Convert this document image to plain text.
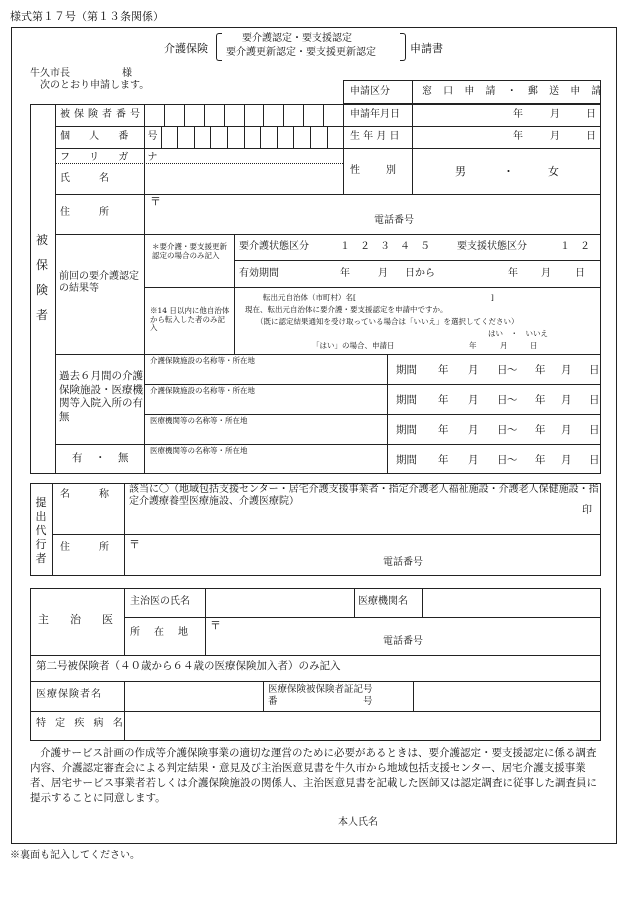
様式第１７号（第１３条関係）
介護保険
要介護認定・要支援認定
要介護更新認定・要支援更新認定	申請書
牛久市長	様
次のとおり申請します。
申請区分	窓 口 申 請 ・ 郵 送 申 請
被保険者
被保険者番号	申請年月日	年	月	日
個 人 番 号	生 年 月 日	年	月	日
フ リ ガ ナ
氏　　名
性　　別	男	・	女
住　　所
〒
電話番号
前回の要介護認定の結果等
＊要介護・要支援更新認定の場合のみ記入
要介護状態区分	１　２　３　４　５	要支援状態区分	１　２
有効期間	年	月 日から	年 月 日
※14 日以内に他自治体から転入した者のみ記入
転出元自治体（市町村）名[　　　　　　　　　　　　　　　　　　]
現在、転出元自治体に要介護・要支援認定を申請中ですか。
（既に認定結果通知を受け取っている場合は「いいえ」を選択してください）
はい　・　いいえ
「はい」の場合、申請日	年	月	日
過去６月間の介護保険施設・医療機関等入院入所の有無
有　・　無
介護保険施設の名称等・所在地
期間 年 月 日 〜 年 月 日
介護保険施設の名称等・所在地
期間 年 月 日 〜 年 月 日
医療機関等の名称等・所在地
期間 年 月 日 〜 年 月 日
医療機関等の名称等・所在地
期間 年 月 日 〜 年 月 日
提出代行者
名　　称 該当に〇（地域包括支援センター・居宅介護支援事業者・指定介護老人福祉施設・介護老人保健施設・指定介護療養型医療施設、介護医療院）
印
住　　所 〒
電話番号
主　治　医
主治医の氏名	医療機関名
所　在　地
〒
電話番号
第二号被保険者（４０歳から６４歳の医療保険加入者）のみ記入
医療保険者名	医療保険被保険者証記号
番　　　　　　　　　号
特 定 疾 病 名
介護サービス計画の作成等介護保険事業の適切な運営のために必要があるときは、要介護認定・要支援認定に係る調査内容、介護認定審査会による判定結果・意見及び主治医意見書を牛久市から地域包括支援センター、居宅介護支援事業者、居宅サービス事業者若しくは介護保険施設の関係人、主治医意見書を記載した医師又は認定調査に従事した調査員に提示することに同意します。
本人氏名
※裏面も記入してください。
